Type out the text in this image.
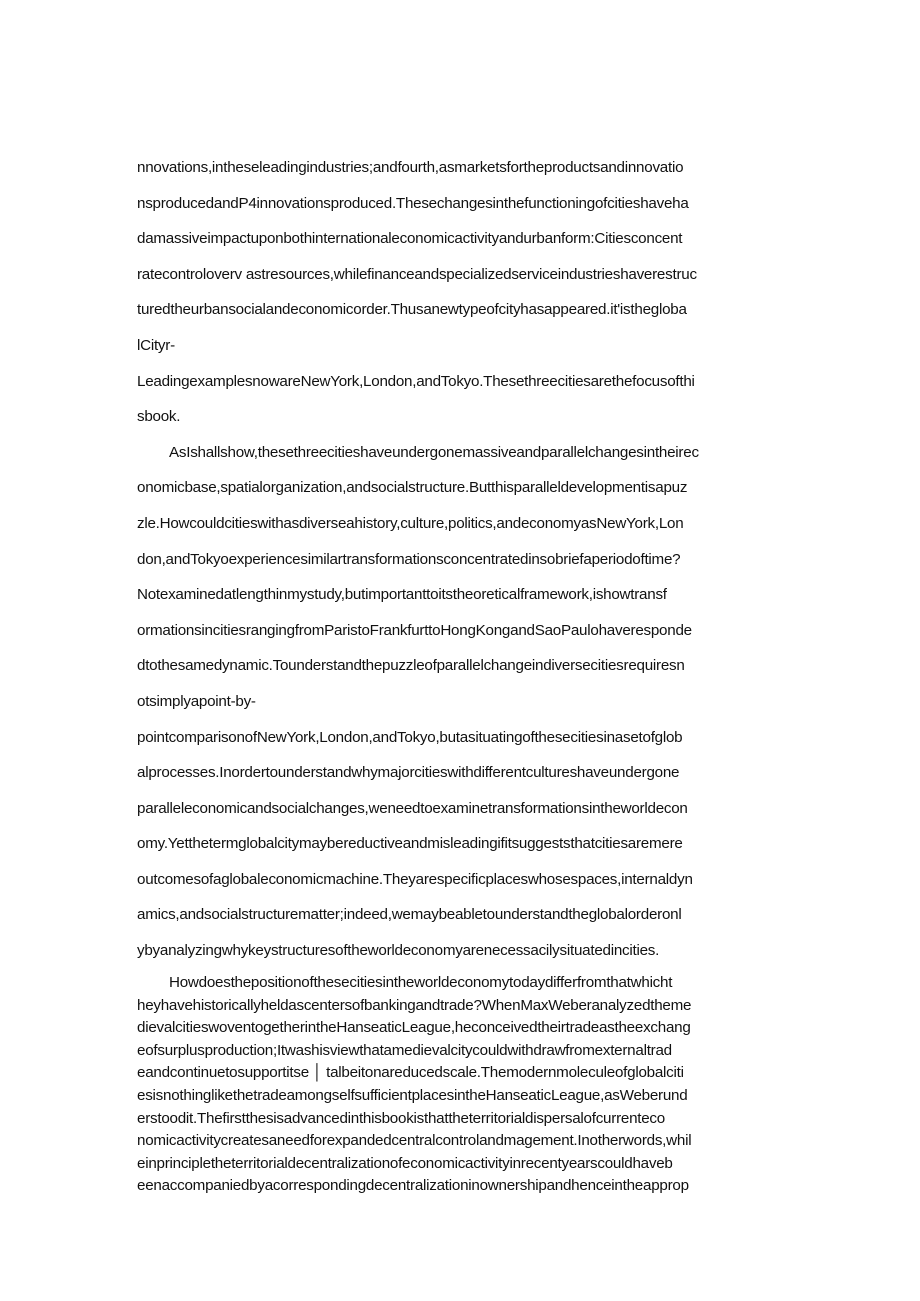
nnovations,intheseleadingindustries;andfourth,asmarketsfortheproductsandinnovatio
nsproducedandP4innovationsproduced.Thesechangesinthefunctioningofcitieshaveha
damassiveimpactuponbothinternationaleconomicactivityandurbanform:Citiesconcent
ratecontroloverv astresources,whilefinanceandspecializedserviceindustrieshaverestruc
turedtheurbansocialandeconomicorder.Thusanewtypeofcityhasappeared.it'isthegloba
lCityr-
LeadingexamplesnowareNewYork,London,andTokyo.Thesethreecitiesarethefocusofthi
sbook.
AsIshallshow,thesethreecitieshaveundergonemassiveandparallelchangesintheirec
onomicbase,spatialorganization,andsocialstructure.Butthisparalleldevelopmentisapuz
zle.Howcouldcitieswithasdiverseahistory,culture,politics,andeconomyasNewYork,Lon
don,andTokyoexperiencesimilartransformationsconcentratedinsobriefaperiodoftime?
Notexaminedatlengthinmystudy,butimportanttoitstheoreticalframework,ishowtransf
ormationsincitiesrangingfromParistoFrankfurttoHongKongandSaoPaulohaveresponde
dtothesamedynamic.Tounderstandthepuzzleofparallelchangeindiversecitiesrequiresn
otsimplyapoint-by-
pointcomparisonofNewYork,London,andTokyo,butasituatingofthesecitiesinasetofglob
alprocesses.Inordertounderstandwhymajorcitieswithdifferentcultureshaveundergone
paralleleconomicandsocialchanges,weneedtoexaminetransformationsintheworldecon
omy.Yetthetermglobalcitymaybereductiveandmisleadingifitsuggeststhatcitiesaremere
outcomesofaglobaleconomicmachine.Theyarespecificplaceswhosespaces,internaldyn
amics,andsocialstructurematter;indeed,wemaybeabletounderstandtheglobalorderonl
ybyanalyzingwhykeystructuresoftheworldeconomyarenecessacilysituatedincities.
Howdoesthepositionofthesecitiesintheworldeconomytodaydifferfromthatwhicht
heyhavehistoricallyheldascentersofbankingandtrade?WhenMaxWeberanalyzedtheme
dievalcitieswoventogetherintheHanseaticLeague,heconceivedtheirtradeastheexchang
eofsurplusproduction;Itwashisviewthatamedievalcitycouldwithdrawfromexternaltrad
eandcontinuetosupportitse │ talbeitonareducedscale.Themodernmoleculeofglobalciti
esisnothinglikethetradeamongselfsufficientplacesintheHanseaticLeague,asWeberund
erstoodit.Thefirstthesisadvancedinthisbookisthattheterritorialdispersalofcurrenteco
nomicactivitycreatesaneedforexpandedcentralcontrolandmagement.Inotherwords,whil
einprincipletheterritorialdecentralizationofeconomicactivityinrecentyearscouldhaveb
eenaccompaniedbyacorrespondingdecentralizationinownershipandhenceintheapprop
